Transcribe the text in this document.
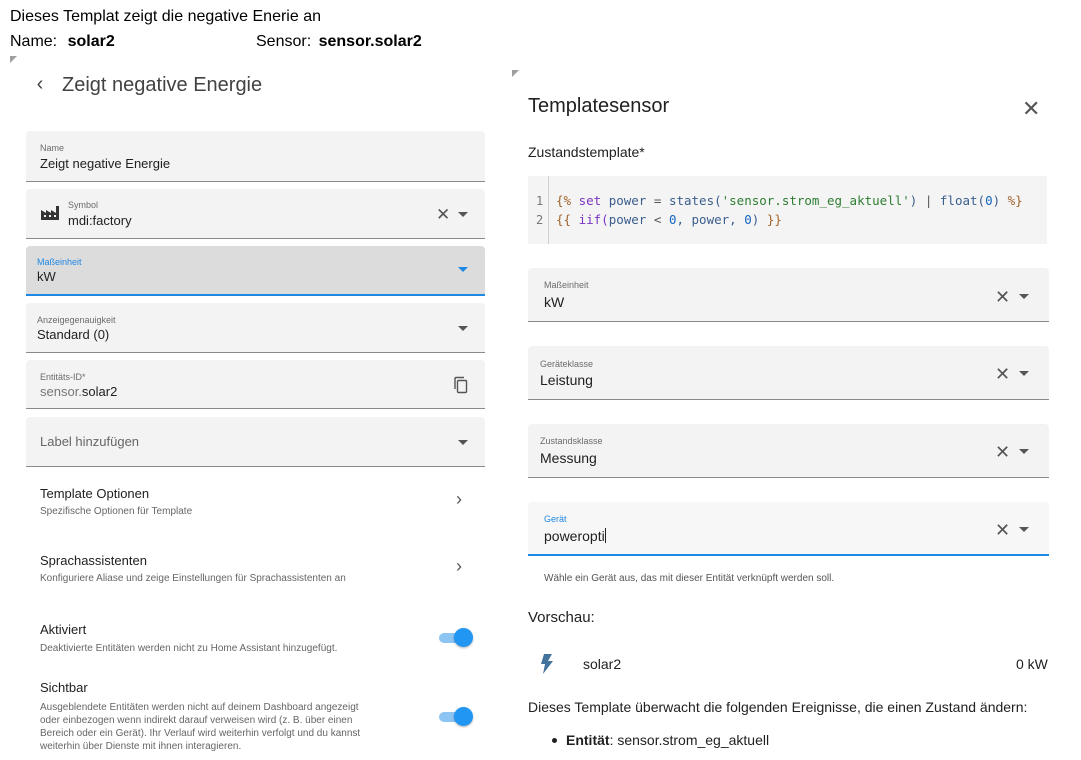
Dieses Templat zeigt die negative Enerie an
Name: solar2	Sensor: sensor.solar2
‹ Zeigt negative Energie
Name
Zeigt negative Energie
Symbol
mdi:factory	✕
Maßeinheit
kW
Anzeigegenauigkeit
Standard (0)
Entitäts-ID*
sensor.solar2
Label hinzufügen
Template Optionen
Spezifische Optionen für Template
›
Sprachassistenten
Konfiguriere Aliase und zeige Einstellungen für Sprachassistenten an
›
Aktiviert
Deaktivierte Entitäten werden nicht zu Home Assistant hinzugefügt.
Sichtbar
Ausgeblendete Entitäten werden nicht auf deinem Dashboard angezeigt
oder einbezogen wenn indirekt darauf verweisen wird (z. B. über einen
Bereich oder ein Gerät). Ihr Verlauf wird weiterhin verfolgt und du kannst
weiterhin über Dienste mit ihnen interagieren.
Templatesensor	✕
Zustandstemplate*
1
2
{% set power = states('sensor.strom_eg_aktuell') | float(0) %}
{{ iif(power < 0, power, 0) }}
Maßeinheit
kW	✕
Geräteklasse
Leistung	✕
Zustandsklasse
Messung	✕
Gerät
poweropti	✕
Wähle ein Gerät aus, das mit dieser Entität verknüpft werden soll.
Vorschau:
solar2	0 kW
Dieses Template überwacht die folgenden Ereignisse, die einen Zustand ändern:
Entität: sensor.strom_eg_aktuell
